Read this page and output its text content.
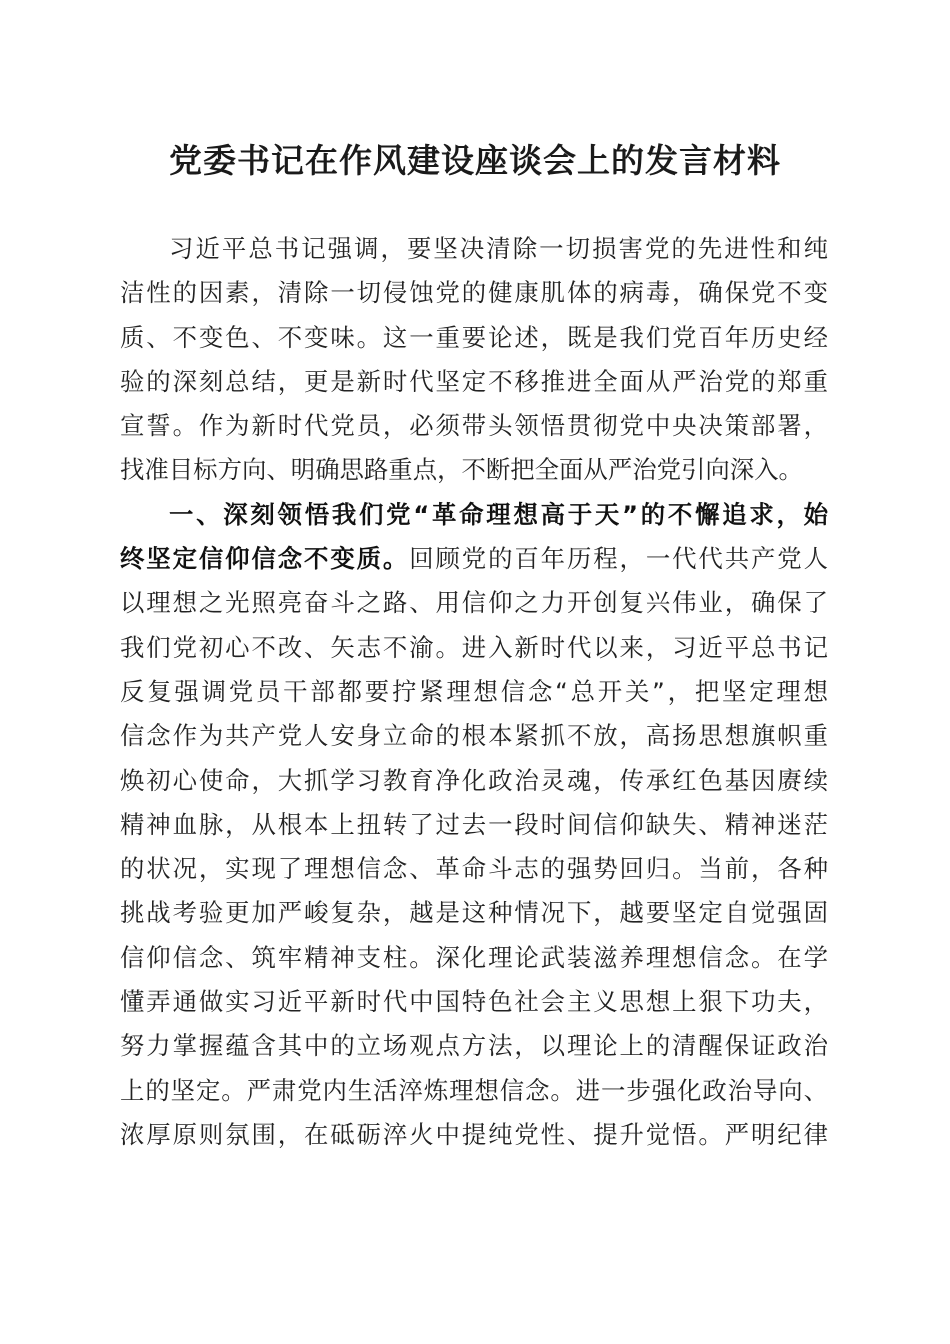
党委书记在作风建设座谈会上的发言材料
习近平总书记强调，要坚决清除一切损害党的先进性和纯
洁性的因素，清除一切侵蚀党的健康肌体的病毒，确保党不变
质、不变色、不变味。这一重要论述，既是我们党百年历史经
验的深刻总结，更是新时代坚定不移推进全面从严治党的郑重
宣誓。作为新时代党员，必须带头领悟贯彻党中央决策部署，
找准目标方向、明确思路重点，不断把全面从严治党引向深入。
一、深刻领悟我们党“革命理想高于天”的不懈追求，始
终坚定信仰信念不变质。回顾党的百年历程，一代代共产党人
以理想之光照亮奋斗之路、用信仰之力开创复兴伟业，确保了
我们党初心不改、矢志不渝。进入新时代以来，习近平总书记
反复强调党员干部都要拧紧理想信念“总开关”，把坚定理想
信念作为共产党人安身立命的根本紧抓不放，高扬思想旗帜重
焕初心使命，大抓学习教育净化政治灵魂，传承红色基因赓续
精神血脉，从根本上扭转了过去一段时间信仰缺失、精神迷茫
的状况，实现了理想信念、革命斗志的强势回归。当前，各种
挑战考验更加严峻复杂，越是这种情况下，越要坚定自觉强固
信仰信念、筑牢精神支柱。深化理论武装滋养理想信念。在学
懂弄通做实习近平新时代中国特色社会主义思想上狠下功夫，
努力掌握蕴含其中的立场观点方法，以理论上的清醒保证政治
上的坚定。严肃党内生活淬炼理想信念。进一步强化政治导向、
浓厚原则氛围，在砥砺淬火中提纯党性、提升觉悟。严明纪律
